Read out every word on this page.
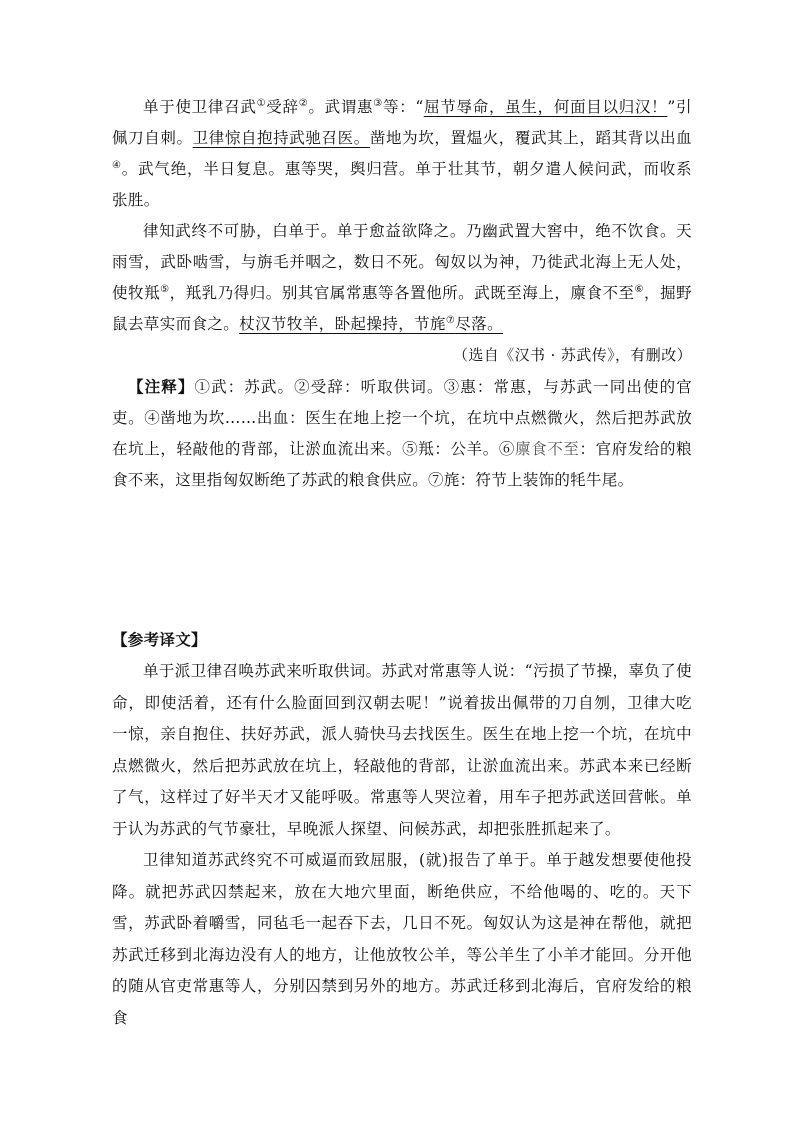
单于使卫律召武①受辞②。武谓惠③等：“屈节辱命，虽生，何面目以归汉！”引佩刀自刺。卫律惊自抱持武驰召医。凿地为坎，置煴火，覆武其上，蹈其背以出血④。武气绝，半日复息。惠等哭，舆归营。单于壮其节，朝夕遣人候问武，而收系张胜。

律知武终不可胁，白单于。单于愈益欲降之。乃幽武置大窖中，绝不饮食。天雨雪，武卧啮雪，与旃毛并咽之，数日不死。匈奴以为神，乃徙武北海上无人处，使牧羝⑤，羝乳乃得归。别其官属常惠等各置他所。武既至海上，廪食不至⑥，掘野鼠去草实而食之。杖汉节牧羊，卧起操持，节旄⑦尽落。

（选自《汉书 · 苏武传》，有删改）

【注释】①武：苏武。②受辞：听取供词。③惠：常惠，与苏武一同出使的官吏。④凿地为坎……出血：医生在地上挖一个坑，在坑中点燃微火，然后把苏武放在坑上，轻敲他的背部，让淤血流出来。⑤羝：公羊。⑥廪食不至：官府发给的粮食不来，这里指匈奴断绝了苏武的粮食供应。⑦旄：符节上装饰的牦牛尾。

【参考译文】

单于派卫律召唤苏武来听取供词。苏武对常惠等人说：“污损了节操，辜负了使命，即使活着，还有什么脸面回到汉朝去呢！”说着拔出佩带的刀自刎，卫律大吃一惊，亲自抱住、扶好苏武，派人骑快马去找医生。医生在地上挖一个坑，在坑中点燃微火，然后把苏武放在坑上，轻敲他的背部，让淤血流出来。苏武本来已经断了气，这样过了好半天才又能呼吸。常惠等人哭泣着，用车子把苏武送回营帐。单于认为苏武的气节豪壮，早晚派人探望、问候苏武，却把张胜抓起来了。

卫律知道苏武终究不可威逼而致屈服，(就)报告了单于。单于越发想要使他投降。就把苏武囚禁起来，放在大地穴里面，断绝供应，不给他喝的、吃的。天下雪，苏武卧着嚼雪，同毡毛一起吞下去，几日不死。匈奴认为这是神在帮他，就把苏武迁移到北海边没有人的地方，让他放牧公羊，等公羊生了小羊才能回。分开他的随从官吏常惠等人，分别囚禁到另外的地方。苏武迁移到北海后，官府发给的粮食
